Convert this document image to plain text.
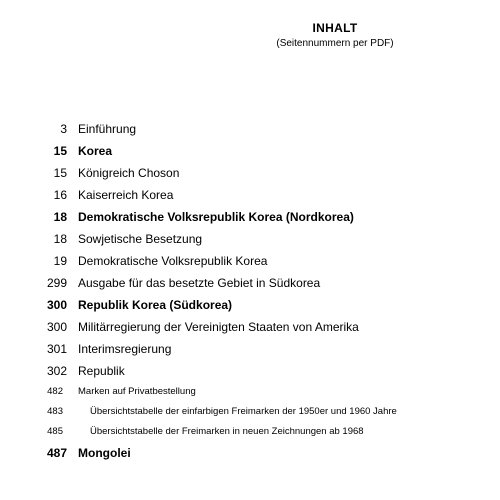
INHALT
(Seitennummern per PDF)
3 Einführung
15 Korea
15 Königreich Choson
16 Kaiserreich Korea
18 Demokratische Volksrepublik Korea (Nordkorea)
18 Sowjetische Besetzung
19 Demokratische Volksrepublik Korea
299 Ausgabe für das besetzte Gebiet in Südkorea
300 Republik Korea (Südkorea)
300 Militärregierung der Vereinigten Staaten von Amerika
301 Interimsregierung
302 Republik
482 Marken auf Privatbestellung
483	Übersichtstabelle der einfarbigen Freimarken der 1950er und 1960 Jahre
485	Übersichtstabelle der Freimarken in neuen Zeichnungen ab 1968
487 Mongolei
